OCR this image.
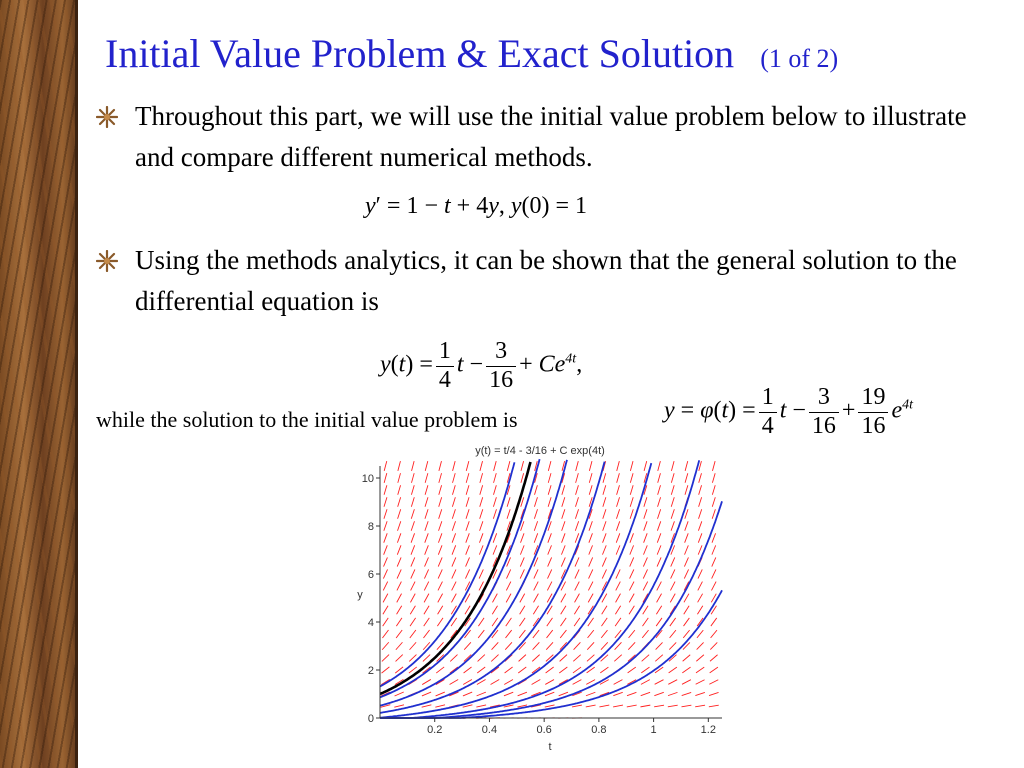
Initial Value Problem & Exact Solution (1 of 2)
Throughout this part, we will use the initial value problem below to illustrate and compare different numerical methods.
y′ = 1 − t + 4y, y(0) = 1
Using the methods analytics, it can be shown that the general solution to the differential equation is
$y(t) = \frac{1}{4}$ $t - \frac{3}{16} + Ce^{4t}$,
while the solution to the initial value problem is	$y = \varphi(t) = \frac{1}{4}$ $t - \frac{3}{16} + \frac{19}{16} e^{4t}$
y(t) = t/4 - 3/16 + C exp(4t)
0.2	0.4	0.6	0.8	1	1.2
0
2
4
6
8
10
t
y
